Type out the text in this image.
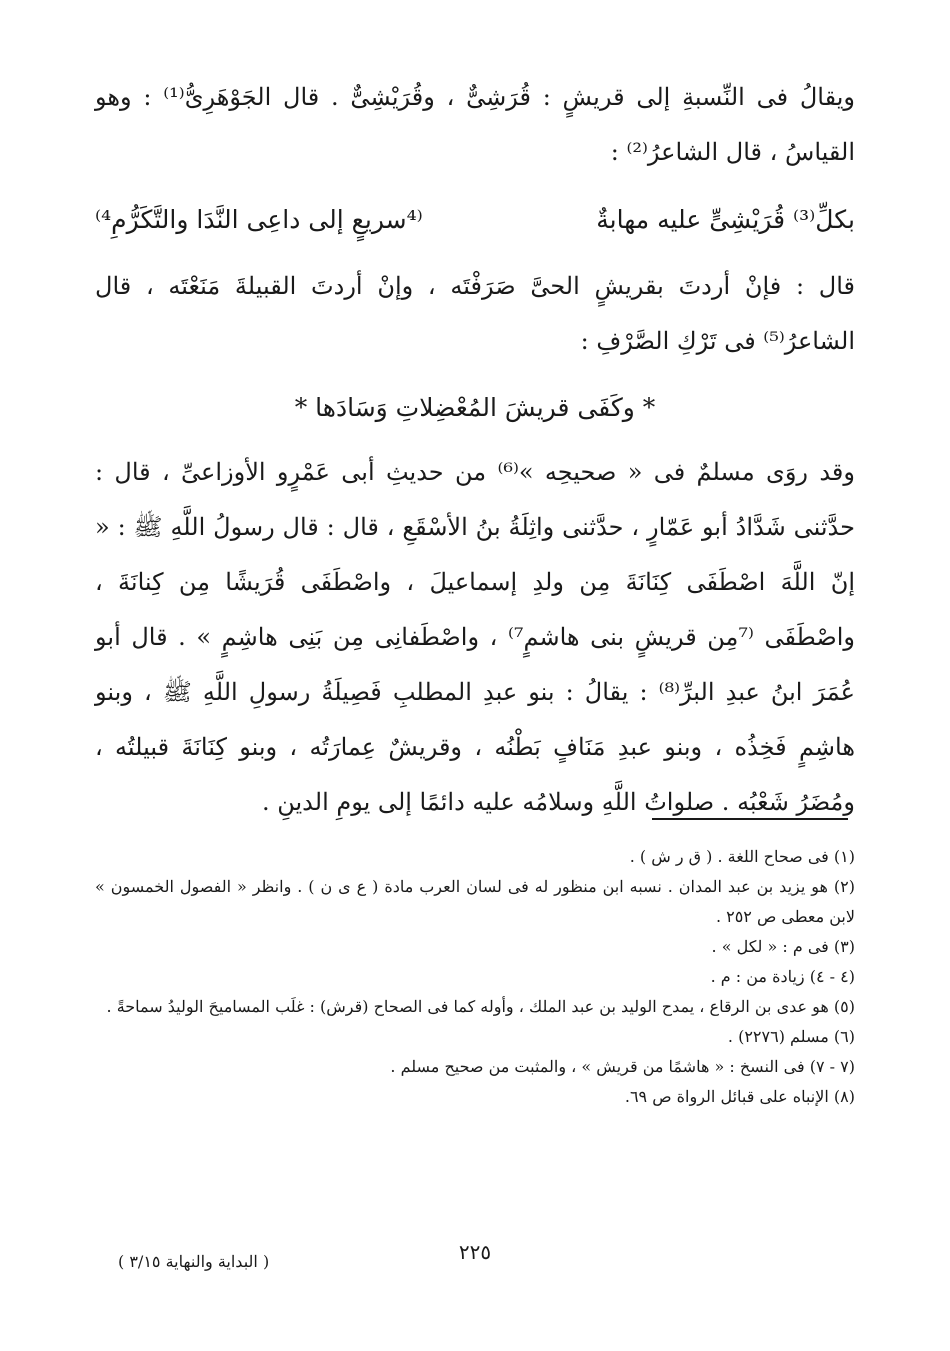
ويقالُ فى النِّسبةِ إلى قريشٍ : قُرَشِىٌّ ، وقُرَيْشِىٌّ . قال الجَوْهَرِىُّ⁽¹⁾ : وهو القياسُ ، قال الشاعرُ⁽²⁾ :

بكلِّ⁽³⁾ قُرَيْشِىٍّ عليه مهابةٌ
⁽⁴سريعٍ إلى داعِى النَّدَا والتَّكَرُّمِ⁴⁾

قال : فإنْ أردتَ بقريشٍ الحىَّ صَرَفْتَه ، وإنْ أردتَ القبيلةَ مَنَعْتَه ، قال الشاعرُ⁽⁵⁾ فى تَرْكِ الصَّرْفِ :

* وكَفَى قريشَ المُعْضِلاتِ وَسَادَها *

وقد روَى مسلمٌ فى « صحيحِه »⁽⁶⁾ من حديثِ أبى عَمْرٍو الأوزاعىِّ ، قال : حدَّثنى شَدَّادُ أبو عَمّارٍ ، حدَّثنى واثِلَةُ بنُ الأسْقَعِ ، قال : قال رسولُ اللَّهِ ﷺ : « إنّ اللَّهَ اصْطَفَى كِنَانَةَ مِن ولدِ إسماعيلَ ، واصْطَفَى قُرَيشًا مِن كِنانَةَ ، واصْطَفَى ⁽⁷مِن قريشٍ بنى هاشمٍ⁷⁾ ، واصْطَفانِى مِن بَنِى هاشِمٍ » . قال أبو عُمَرَ ابنُ عبدِ البرِّ⁽⁸⁾ : يقالُ : بنو عبدِ المطلبِ فَصِيلَةُ رسولِ اللَّهِ ﷺ ، وبنو هاشِمٍ فَخِذُه ، وبنو عبدِ مَنَافٍ بَطْنُه ، وقريشٌ عِمارَتُه ، وبنو كِنَانَةَ قبيلتُه ، ومُضَرُ شَعْبُه . صلواتُ اللَّهِ وسلامُه عليه دائمًا إلى يومِ الدينِ .

(١) فى صحاح اللغة . ( ق ر ش ) .

(٢) هو يزيد بن عبد المدان . نسبه ابن منظور له فى لسان العرب مادة ( ع ى ن ) . وانظر « الفصول الخمسون » لابن معطى ص ٢٥٢ .

(٣) فى م : « لكل » .

(٤ - ٤) زيادة من : م .

(٥) هو عدى بن الرقاع ، يمدح الوليد بن عبد الملك ، وأوله كما فى الصحاح (قرش) : غلَب المساميحَ الوليدُ سماحةً .

(٦) مسلم (٢٢٧٦) .

(٧ - ٧) فى النسخ : « هاشمًا من قريش » ، والمثبت من صحيح مسلم .

(٨) الإنباه على قبائل الرواة ص ٦٩.

٢٢٥
( البداية والنهاية ٣/١٥ )
